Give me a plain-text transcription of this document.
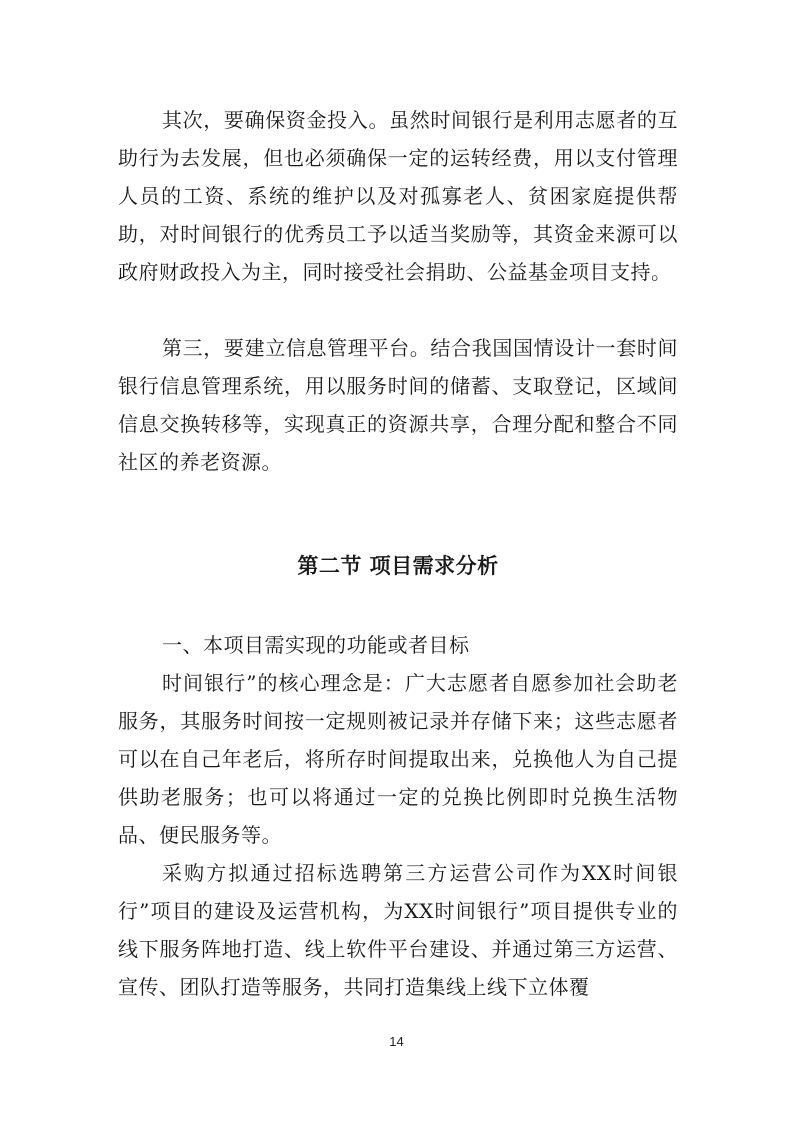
其次，要确保资金投入。虽然时间银行是利用志愿者的互助行为去发展，但也必须确保一定的运转经费，用以支付管理人员的工资、系统的维护以及对孤寡老人、贫困家庭提供帮助，对时间银行的优秀员工予以适当奖励等，其资金来源可以政府财政投入为主，同时接受社会捐助、公益基金项目支持。

第三，要建立信息管理平台。结合我国国情设计一套时间银行信息管理系统，用以服务时间的储蓄、支取登记，区域间信息交换转移等，实现真正的资源共享，合理分配和整合不同社区的养老资源。

第二节 项目需求分析

一、本项目需实现的功能或者目标

时间银行”的核心理念是：广大志愿者自愿参加社会助老服务，其服务时间按一定规则被记录并存储下来；这些志愿者可以在自己年老后，将所存时间提取出来，兑换他人为自己提供助老服务；也可以将通过一定的兑换比例即时兑换生活物品、便民服务等。

采购方拟通过招标选聘第三方运营公司作为XX时间银行”项目的建设及运营机构，为XX时间银行”项目提供专业的线下服务阵地打造、线上软件平台建设、并通过第三方运营、宣传、团队打造等服务，共同打造集线上线下立体覆

14
